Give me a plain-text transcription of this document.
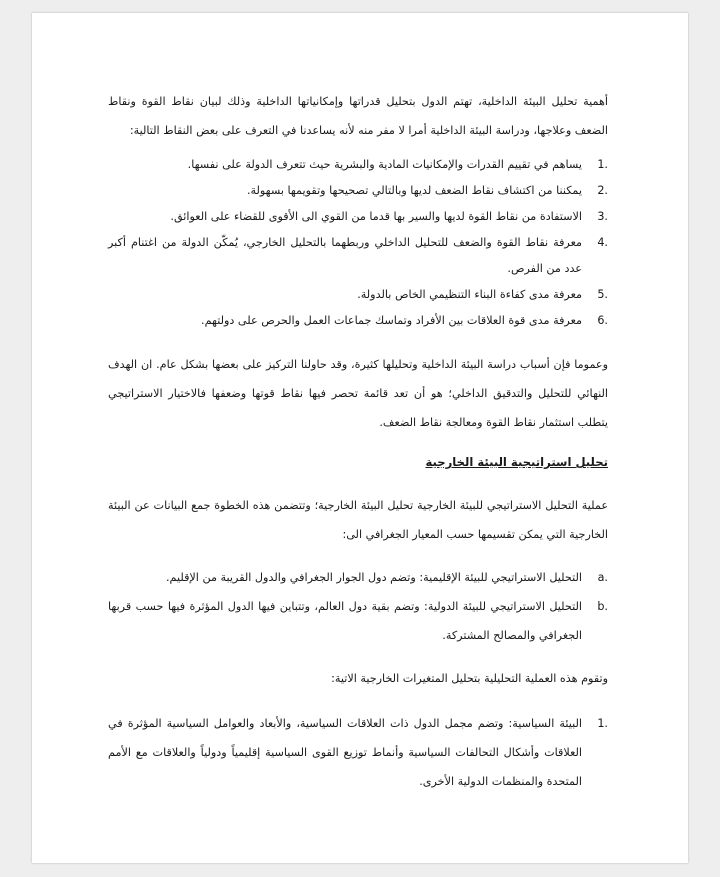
أهمية تحليل البيئة الداخلية، تهتم الدول بتحليل قدراتها وإمكانياتها الداخلية وذلك لبيان نقاط القوة ونقاط الضعف وعلاجها، ودراسة البيئة الداخلية أمرا لا مفر منه لأنه يساعدنا في التعرف على بعض النقاط التالية:

1.
يساهم في تقييم القدرات والإمكانيات المادية والبشرية حيث تتعرف الدولة على نفسها.
2.
يمكننا من اكتشاف نقاط الضعف لديها وبالتالي تصحيحها وتقويمها بسهولة.
3.
الاستفادة من نقاط القوة لديها والسير بها قدما من القوي الى الأقوى للقضاء على العوائق.
4.
معرفة نقاط القوة والضعف للتحليل الداخلي وربطهما بالتحليل الخارجي، يُمكّن الدولة من اغتنام أكبر عدد من الفرص.
5.
معرفة مدى كفاءة البناء التنظيمي الخاص بالدولة.
6.
معرفة مدى قوة العلاقات بين الأفراد وتماسك جماعات العمل والحرص على دولتهم.

وعموما فإن أسباب دراسة البيئة الداخلية وتحليلها كثيرة، وقد حاولنا التركيز على بعضها بشكل عام. ان الهدف النهائي للتحليل والتدقيق الداخلي؛ هو أن تعد قائمة تحصر فيها نقاط قوتها وضعفها فالاختيار الاستراتيجي يتطلب استثمار نقاط القوة ومعالجة نقاط الضعف.

تحليل استراتيجية البيئة الخارجية

عملية التحليل الاستراتيجي للبيئة الخارجية تحليل البيئة الخارجية؛ وتتضمن هذه الخطوة جمع البيانات عن البيئة الخارجية التي يمكن تقسيمها حسب المعيار الجغرافي الى:

a.
التحليل الاستراتيجي للبيئة الإقليمية: وتضم دول الجوار الجغرافي والدول القريبة من الإقليم.
b.
التحليل الاستراتيجي للبيئة الدولية: وتضم بقية دول العالم، وتتباين فيها الدول المؤثرة فيها حسب قربها الجغرافي والمصالح المشتركة.

وتقوم هذه العملية التحليلية بتحليل المتغيرات الخارجية الاتية:

1.
البيئة السياسية: وتضم مجمل الدول ذات العلاقات السياسية، والأبعاد والعوامل السياسية المؤثرة في العلاقات وأشكال التحالفات السياسية وأنماط توزيع القوى السياسية إقليمياً ودولياً والعلاقات مع الأمم المتحدة والمنظمات الدولية الأخرى.
